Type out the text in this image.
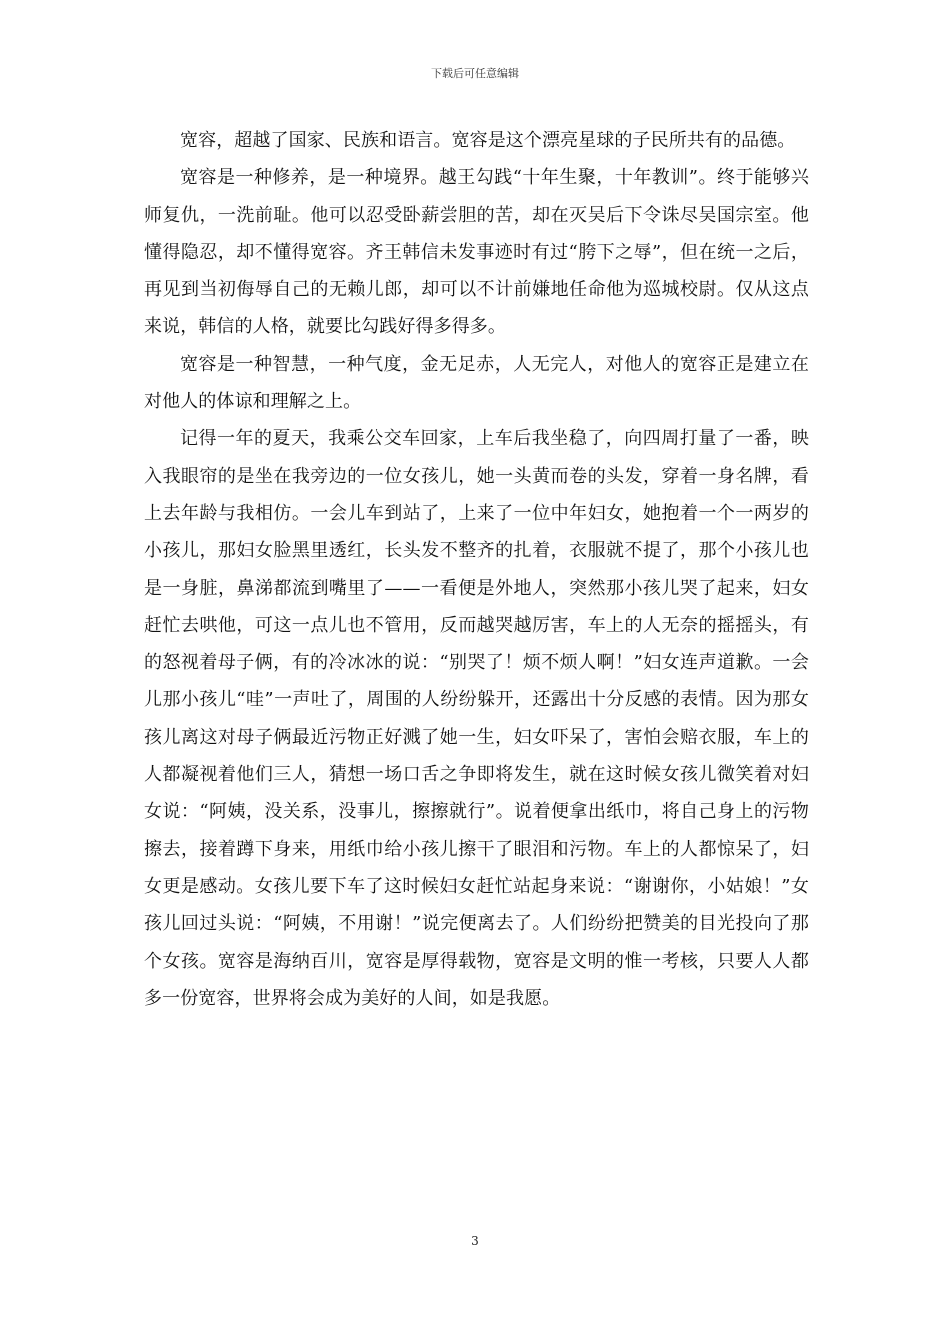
下载后可任意编辑

宽容，超越了国家、民族和语言。宽容是这个漂亮星球的子民所共有的品德。

宽容是一种修养，是一种境界。越王勾践“十年生聚，十年教训”。终于能够兴师复仇，一洗前耻。他可以忍受卧薪尝胆的苦，却在灭吴后下令诛尽吴国宗室。他懂得隐忍，却不懂得宽容。齐王韩信未发事迹时有过“胯下之辱”，但在统一之后，再见到当初侮辱自己的无赖儿郎，却可以不计前嫌地任命他为巡城校尉。仅从这点来说，韩信的人格，就要比勾践好得多得多。

宽容是一种智慧，一种气度，金无足赤，人无完人，对他人的宽容正是建立在对他人的体谅和理解之上。

记得一年的夏天，我乘公交车回家，上车后我坐稳了，向四周打量了一番，映入我眼帘的是坐在我旁边的一位女孩儿，她一头黄而卷的头发，穿着一身名牌，看上去年龄与我相仿。一会儿车到站了，上来了一位中年妇女，她抱着一个一两岁的小孩儿，那妇女脸黑里透红，长头发不整齐的扎着，衣服就不提了，那个小孩儿也是一身脏，鼻涕都流到嘴里了——一看便是外地人，突然那小孩儿哭了起来，妇女赶忙去哄他，可这一点儿也不管用，反而越哭越厉害，车上的人无奈的摇摇头，有的怒视着母子俩，有的冷冰冰的说：“别哭了！烦不烦人啊！”妇女连声道歉。一会儿那小孩儿“哇”一声吐了，周围的人纷纷躲开，还露出十分反感的表情。因为那女孩儿离这对母子俩最近污物正好溅了她一生，妇女吓呆了，害怕会赔衣服，车上的人都凝视着他们三人，猜想一场口舌之争即将发生，就在这时候女孩儿微笑着对妇女说：“阿姨，没关系，没事儿，擦擦就行”。说着便拿出纸巾，将自己身上的污物擦去，接着蹲下身来，用纸巾给小孩儿擦干了眼泪和污物。车上的人都惊呆了，妇女更是感动。女孩儿要下车了这时候妇女赶忙站起身来说：“谢谢你，小姑娘！”女孩儿回过头说：“阿姨，不用谢！”说完便离去了。人们纷纷把赞美的目光投向了那个女孩。宽容是海纳百川，宽容是厚得载物，宽容是文明的惟一考核，只要人人都多一份宽容，世界将会成为美好的人间，如是我愿。

3
